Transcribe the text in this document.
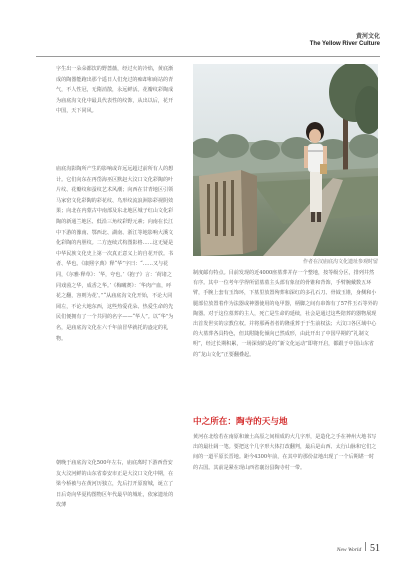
黄河文化
The Yellow River Culture

字生出一朵朵都饮的野蔷薇，经过火的冷焰，黄底渐成的陶器能跑出那个遥日人们充过的痴却和商站的青气，不人性冠，无隋消散，永远鲜活。花瓣纹彩陶成为庙底沟文化中最具代表性的纹饰，从出以后，花开中国，天下同风。

庙底沟影陶所产生的影响或许远远超过前所有人的想计。它们向东在再岱海巫区默赵大汶口文化彩陶的叶片纹、花瓣纹和蚕纹艺术风潮；向西在甘青地区引领马家窑文化彩陶的彩花纹、鸟形纹流浪洲影彩视阴效果；向北在内蒙古中南部及东北地区城子红山文化彩陶的新通兰地区、低沿三角纹彩野元素；向南在长江中下游的豫南、鄂西北、湖南、浙江等地影响大溪文化彩陶的内胆纹。二方连续式构图影格……这无疑是中华民族文化史上第一次真正意义上的自花开放。书者、华也。《康熙字典》释“华”字曰：“……又与花同，《尔雅·释草》：‘华，夸也。’《抱子》言：‘荷诸之同戏茵之华，成香之华。’《梅曦赛》：‘华肉产血，呼花之翻，容则为花’。”“从庙底沟文化开始，不论大同岡左，不论大地东西，这些热爱花朵、热爱生命的先民们便拥有了一个共同的名字——“华人”。以“华”为名，是庙底沟文化在六千年前冒华就托的盎定的礼物。

朝晚于庙底沟文化500年左右，庙底离时下游西营安友大汶河鲜的山东省泰安市正是大汶口文化中期，在梁今桥被与在黄河历独立，先后打开原窗城，诞立了日后奇向华夏构图物区年代最早的城址，依家遗址的玫薄

作者在汉庙底沟文化遗址参观时留

制度邮有特点。目前发现的近4000座墓葬并存一个整地，按等级分区，排列井然有序。其中一位考年学得所留墓墓主头部有象征的骨锥和背饰，手臂腕戴数五环臂，手腕上套有玉饰环，下墓里放置殉葬和深红的多孔石刀、骨钺玉锥，身侧和小腿部位放置着作为法器或神器使用的龟甲器，柄脚之间有串饰有了57件玉石等外的陶器。对于这位墓葬的主人，死亡是生命的延续，社会是通过这些陪葬的器物展现出首发世实的宗教位权。并将那两者者的隆重葬于于生前权法；大汶口各区域中心的大墓葬各具特色，但其附随化倾向已然成形，由此开出了中国早期的“礼制文明”，经过长期积累，一场深刻的是的“新文化运动”即将开启，都跟于中国山东省的“龙山文化”正要翻叠起。

中之所在：陶寺的天与地

黄河在北绘若在南原和兼土高原之间相成的大几字形，是造化之手在神州大地书写出的最壮阔一笔。要把这个几字形大体打改翻判，最后是山西、太行山脉和它们之间的一道平原长晋地。距今4300年前，在其中的那份盆地出现了一个后期堪一时的古国。其前是紧在现山西省襄汾县陶寺村一带。

New World 51
